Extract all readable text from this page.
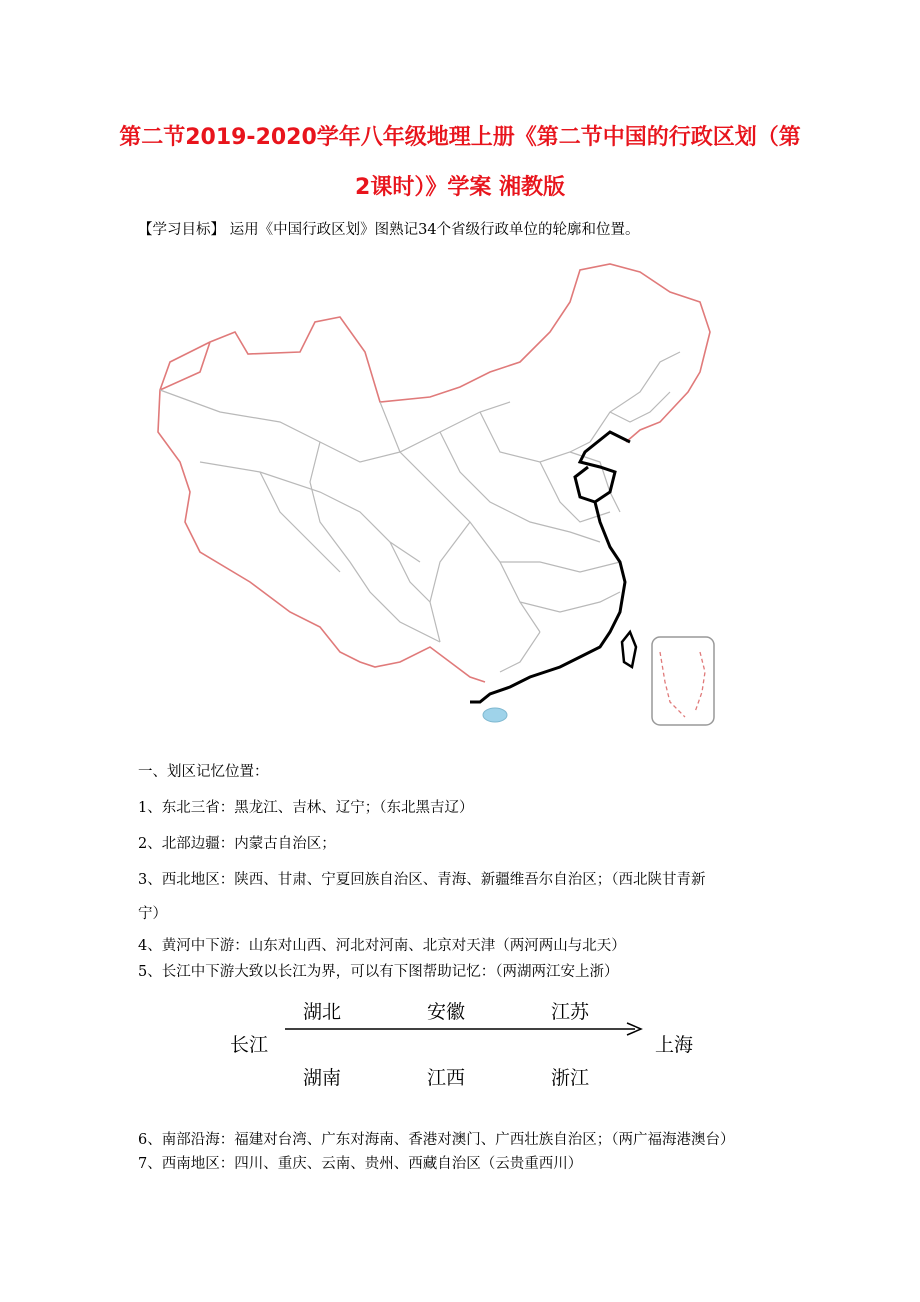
第二节2019-2020学年八年级地理上册《第二节中国的行政区划（第
2课时）》学案 湘教版
【学习目标】 运用《中国行政区划》图熟记34个省级行政单位的轮廓和位置。
一、划区记忆位置：
1、东北三省：黑龙江、吉林、辽宁；（东北黑吉辽）
2、北部边疆：内蒙古自治区；
3、西北地区：陕西、甘肃、宁夏回族自治区、青海、新疆维吾尔自治区；（西北陕甘青新
宁）
4、黄河中下游：山东对山西、河北对河南、北京对天津（两河两山与北天）
5、长江中下游大致以长江为界，可以有下图帮助记忆：（两湖两江安上浙）
长江	上海
湖北	安徽	江苏
湖南	江西	浙江
6、南部沿海：福建对台湾、广东对海南、香港对澳门、广西壮族自治区；（两广福海港澳台）
7、西南地区：四川、重庆、云南、贵州、西藏自治区（云贵重西川）
